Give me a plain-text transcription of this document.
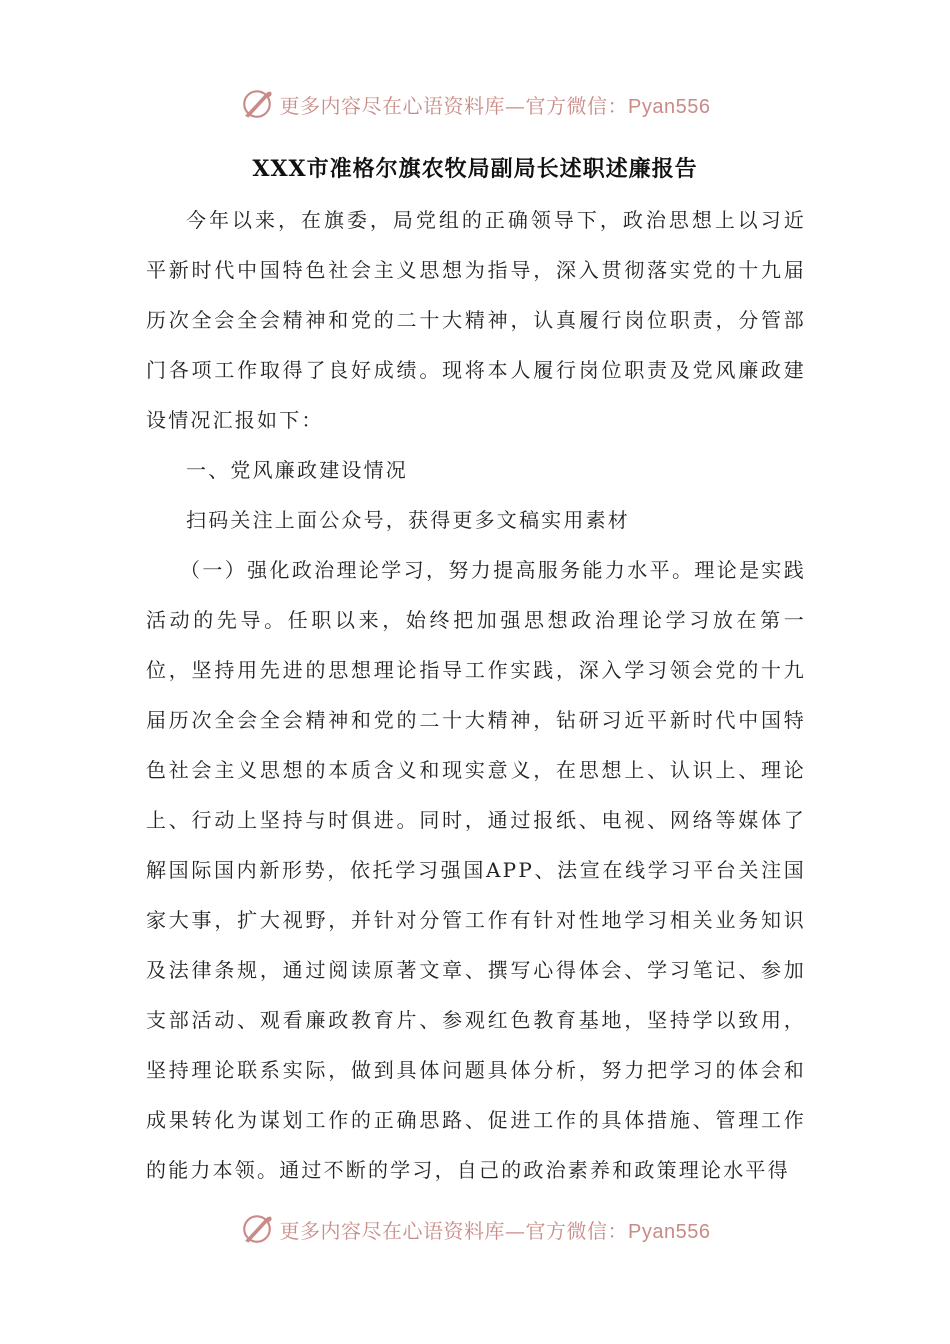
更多内容尽在心语资料库—官方微信：Pyan556
XXX市准格尔旗农牧局副局长述职述廉报告

今年以来，在旗委，局党组的正确领导下，政治思想上以习近平新时代中国特色社会主义思想为指导，深入贯彻落实党的十九届历次全会全会精神和党的二十大精神，认真履行岗位职责，分管部门各项工作取得了良好成绩。现将本人履行岗位职责及党风廉政建设情况汇报如下：

一、党风廉政建设情况

扫码关注上面公众号，获得更多文稿实用素材

（一）强化政治理论学习，努力提高服务能力水平。理论是实践活动的先导。任职以来，始终把加强思想政治理论学习放在第一位，坚持用先进的思想理论指导工作实践，深入学习领会党的十九届历次全会全会精神和党的二十大精神，钻研习近平新时代中国特色社会主义思想的本质含义和现实意义，在思想上、认识上、理论上、行动上坚持与时俱进。同时，通过报纸、电视、网络等媒体了解国际国内新形势，依托学习强国APP、法宣在线学习平台关注国家大事，扩大视野，并针对分管工作有针对性地学习相关业务知识及法律条规，通过阅读原著文章、撰写心得体会、学习笔记、参加支部活动、观看廉政教育片、参观红色教育基地，坚持学以致用，坚持理论联系实际，做到具体问题具体分析，努力把学习的体会和成果转化为谋划工作的正确思路、促进工作的具体措施、管理工作的能力本领。通过不断的学习，自己的政治素养和政策理论水平得

更多内容尽在心语资料库—官方微信：Pyan556
